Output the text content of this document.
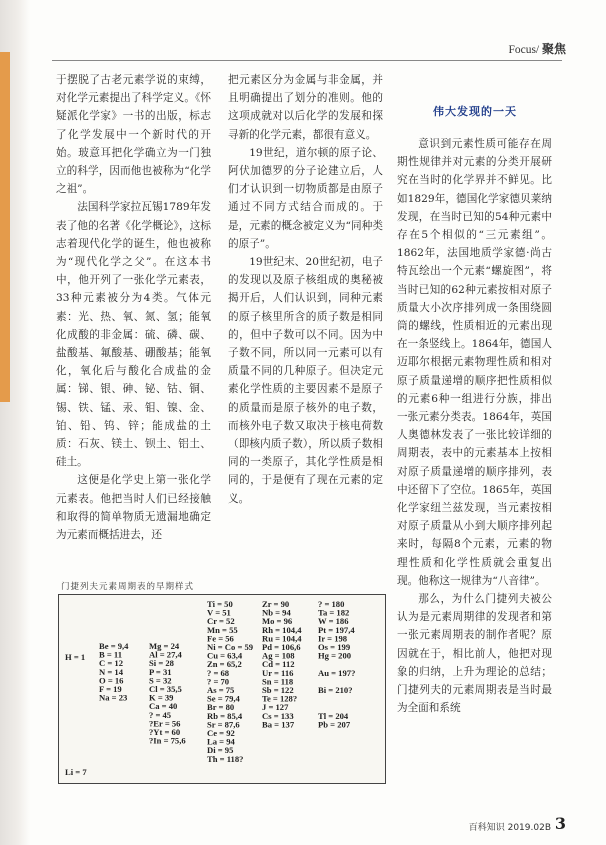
Focus/ 聚焦

于摆脱了古老元素学说的束缚，对化学元素提出了科学定义。《怀疑派化学家》一书的出版，标志了化学发展中一个新时代的开始。玻意耳把化学确立为一门独立的科学，因而他也被称为“化学之祖”。

法国科学家拉瓦锡1789年发表了他的名著《化学概论》，这标志着现代化学的诞生，他也被称为“现代化学之父”。在这本书中，他开列了一张化学元素表，33种元素被分为4类。气体元素：光、热、氧、氮、氢；能氧化成酸的非金属：硫、磷、碳、盐酸基、氟酸基、硼酸基；能氧化，氧化后与酸化合成盐的金属：锑、银、砷、铋、钴、铜、锡、铁、锰、汞、钼、镍、金、铂、铅、钨、锌；能成盐的土质：石灰、镁土、钡土、铝土、硅土。

这便是化学史上第一张化学元素表。他把当时人们已经接触和取得的简单物质无遗漏地确定为元素而概括进去，还

把元素区分为金属与非金属，并且明确提出了划分的准则。他的这项成就对以后化学的发展和探寻新的化学元素，都很有意义。

19世纪，道尔顿的原子论、阿伏加德罗的分子论建立后，人们才认识到一切物质都是由原子通过不同方式结合而成的。于是，元素的概念被定义为“同种类的原子”。

19世纪末、20世纪初，电子的发现以及原子核组成的奥秘被揭开后，人们认识到，同种元素的原子核里所含的质子数是相同的，但中子数可以不同。因为中子数不同，所以同一元素可以有质量不同的几种原子。但决定元素化学性质的主要因素不是原子的质量而是原子核外的电子数，而核外电子数又取决于核电荷数（即核内质子数），所以质子数相同的一类原子，其化学性质是相同的，于是便有了现在元素的定义。

伟大发现的一天

意识到元素性质可能存在周期性规律并对元素的分类开展研究在当时的化学界并不鲜见。比如1829年，德国化学家德贝莱纳发现，在当时已知的54种元素中存在5个相似的“三元素组”。1862年，法国地质学家德·尚古特瓦绘出一个元素“螺旋图”，将当时已知的62种元素按相对原子质量大小次序排列成一条围绕圆筒的螺线，性质相近的元素出现在一条竖线上。1864年，德国人迈耶尔根据元素物理性质和相对原子质量递增的顺序把性质相似的元素6种一组进行分族，排出一张元素分类表。1864年，英国人奥德林发表了一张比较详细的周期表，表中的元素基本上按相对原子质量递增的顺序排列，表中还留下了空位。1865年，英国化学家纽兰兹发现，当元素按相对原子质量从小到大顺序排列起来时，每隔8个元素，元素的物理性质和化学性质就会重复出现。他称这一规律为“八音律”。

那么，为什么门捷列夫被公认为是元素周期律的发现者和第一张元素周期表的制作者呢？原因就在于，相比前人，他把对现象的归纳，上升为理论的总结；门捷列夫的元素周期表是当时最为全面和系统

门捷列夫元素周期表的早期样式
H = 1
Li = 7
Be = 9,4
B = 11
C = 12
N = 14
O = 16
F = 19
Na = 23
Mg = 24
Al = 27,4
Si = 28
P = 31
S = 32
Cl = 35,5
K = 39
Ca = 40
? = 45
?Er = 56
?Yt = 60
?In = 75,6
Ti = 50
V = 51
Cr = 52
Mn = 55
Fe = 56
Ni = Co = 59
Cu = 63,4
Zn = 65,2
? = 68
? = 70
As = 75
Se = 79,4
Br = 80
Rb = 85,4
Sr = 87,6
Ce = 92
La = 94
Di = 95
Th = 118?
Zr = 90
Nb = 94
Mo = 96
Rh = 104,4
Ru = 104,4
Pd = 106,6
Ag = 108
Cd = 112
Ur = 116
Sn = 118
Sb = 122
Te = 128?
J = 127
Cs = 133
Ba = 137
? = 180
Ta = 182
W = 186
Pt = 197,4
Ir = 198
Os = 199
Hg = 200
Au = 197?
Bi = 210?
Tl = 204
Pb = 207
百科知识 2019.02B 3
